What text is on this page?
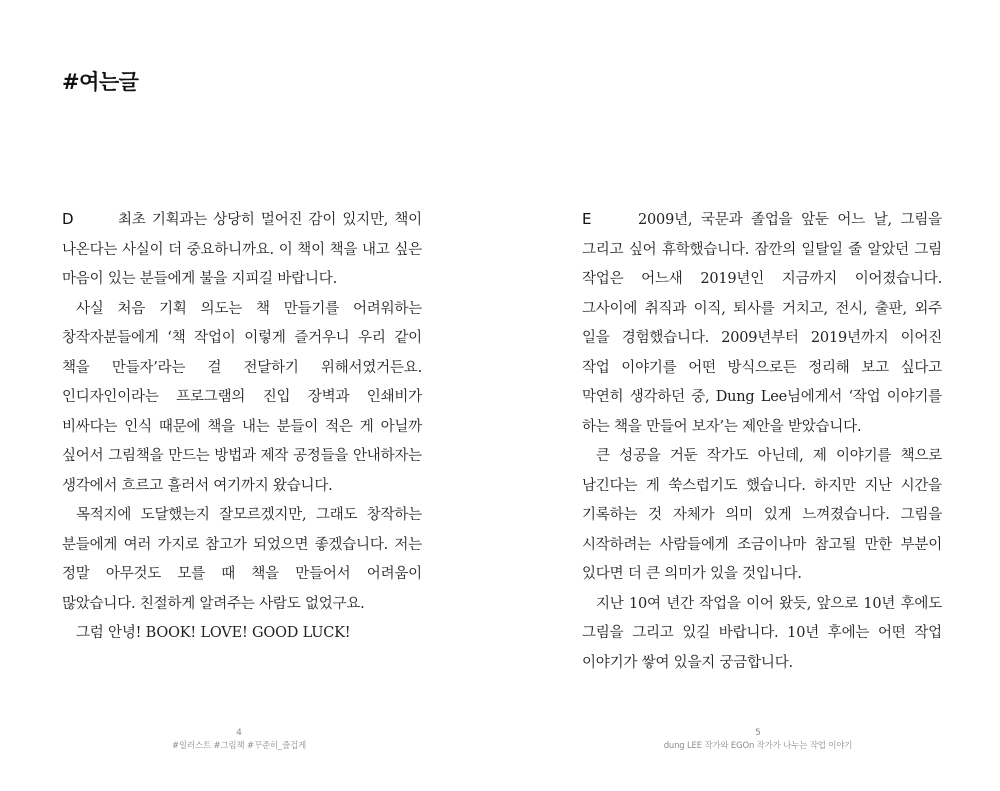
#여는글

D	최초 기획과는 상당히 멀어진 감이 있지만, 책이 나온다는 사실이 더 중요하니까요. 이 책이 책을 내고 싶은 마음이 있는 분들에게 불을 지피길 바랍니다.

사실 처음 기획 의도는 책 만들기를 어려워하는 창작자분들에게 ‘책 작업이 이렇게 즐거우니 우리 같이 책을 만들자’라는 걸 전달하기 위해서였거든요. 인디자인이라는 프로그램의 진입 장벽과 인쇄비가 비싸다는 인식 때문에 책을 내는 분들이 적은 게 아닐까 싶어서 그림책을 만드는 방법과 제작 공정들을 안내하자는 생각에서 흐르고 흘러서 여기까지 왔습니다.

목적지에 도달했는지 잘모르겠지만, 그래도 창작하는 분들에게 여러 가지로 참고가 되었으면 좋겠습니다. 저는 정말 아무것도 모를 때 책을 만들어서 어려움이 많았습니다. 친절하게 알려주는 사람도 없었구요.

그럼 안녕! BOOK! LOVE! GOOD LUCK!

E	2009년, 국문과 졸업을 앞둔 어느 날, 그림을 그리고 싶어 휴학했습니다. 잠깐의 일탈일 줄 알았던 그림 작업은 어느새 2019년인 지금까지 이어졌습니다. 그사이에 취직과 이직, 퇴사를 거치고, 전시, 출판, 외주 일을 경험했습니다. 2009년부터 2019년까지 이어진 작업 이야기를 어떤 방식으로든 정리해 보고 싶다고 막연히 생각하던 중, Dung Lee님에게서 ‘작업 이야기를 하는 책을 만들어 보자’는 제안을 받았습니다.

큰 성공을 거둔 작가도 아닌데, 제 이야기를 책으로 남긴다는 게 쑥스럽기도 했습니다. 하지만 지난 시간을 기록하는 것 자체가 의미 있게 느껴졌습니다. 그림을 시작하려는 사람들에게 조금이나마 참고될 만한 부분이 있다면 더 큰 의미가 있을 것입니다.

지난 10여 년간 작업을 이어 왔듯, 앞으로 10년 후에도 그림을 그리고 있길 바랍니다. 10년 후에는 어떤 작업 이야기가 쌓여 있을지 궁금합니다.

4
#일러스트 #그림책 #꾸준히_즐겁게
5
dung LEE 작가와 EGOn 작가가 나누는 작업 이야기
